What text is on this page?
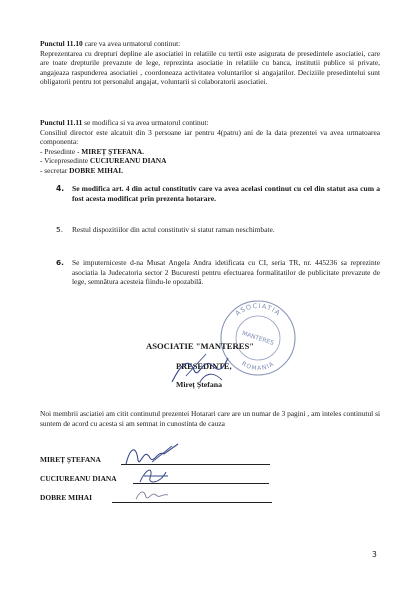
Punctul 11.10 care va avea urmatorul continut:
Reprezentarea cu drepturi depline ale asociatiei in relatiile cu tertii este asigurata de presedintele asociatiei, care are toate drepturile prevazute de lege, reprezinta asociatie in relatiile cu banca, institutii publice si private, angajeaza raspunderea asociatiei , coordoneaza activitatea voluntarilor si angajatilor. Deciziile presedintelui sunt obligatorii pentru tot personalul angajat, voluntarii si colaboratorii asociatiei.
Punctul 11.11 se modifica si va avea urmatorul continut:
Consiliul director este alcatuit din 3 persoane iar pentru 4(patru) ani de la data prezentei va avea urmatoarea componenta:
- Presedinte - MIREȚ ȘTEFANA.
- Vicepresedinte CUCIUREANU DIANA
- secretar DOBRE MIHAI.
4. Se modifica art. 4 din actul constitutiv care va avea acelasi continut cu cel din statut asa cum a fost acesta modificat prin prezenta hotarare.
5. Restul dispozitiilor din actul constitutiv si statut raman neschimbate.
6. Se imputerniceste d-na Musat Angela Andra idetificata cu CI, seria TR, nr. 445236 sa reprezinte asociatia la Judecatoria sector 2 Bucuresti pentru efectuarea formalitatilor de publicitate prevazute de lege, semnătura acesteia fiindu-le opozabilă.
ASOCIATIA
MANTERES
ROMANIA
ASOCIATIE "MANTERES"
PRESEDINTE,
Mireț Ștefana
Noi membrii asciatiei am citit continutul prezentei Hotarari care are un numar de 3 pagini , am inteles continutul si suntem de acord cu acesta si am semnat in cunostinta de cauza
MIREȚ ȘTEFANA
CUCIUREANU DIANA
DOBRE MIHAI
3
